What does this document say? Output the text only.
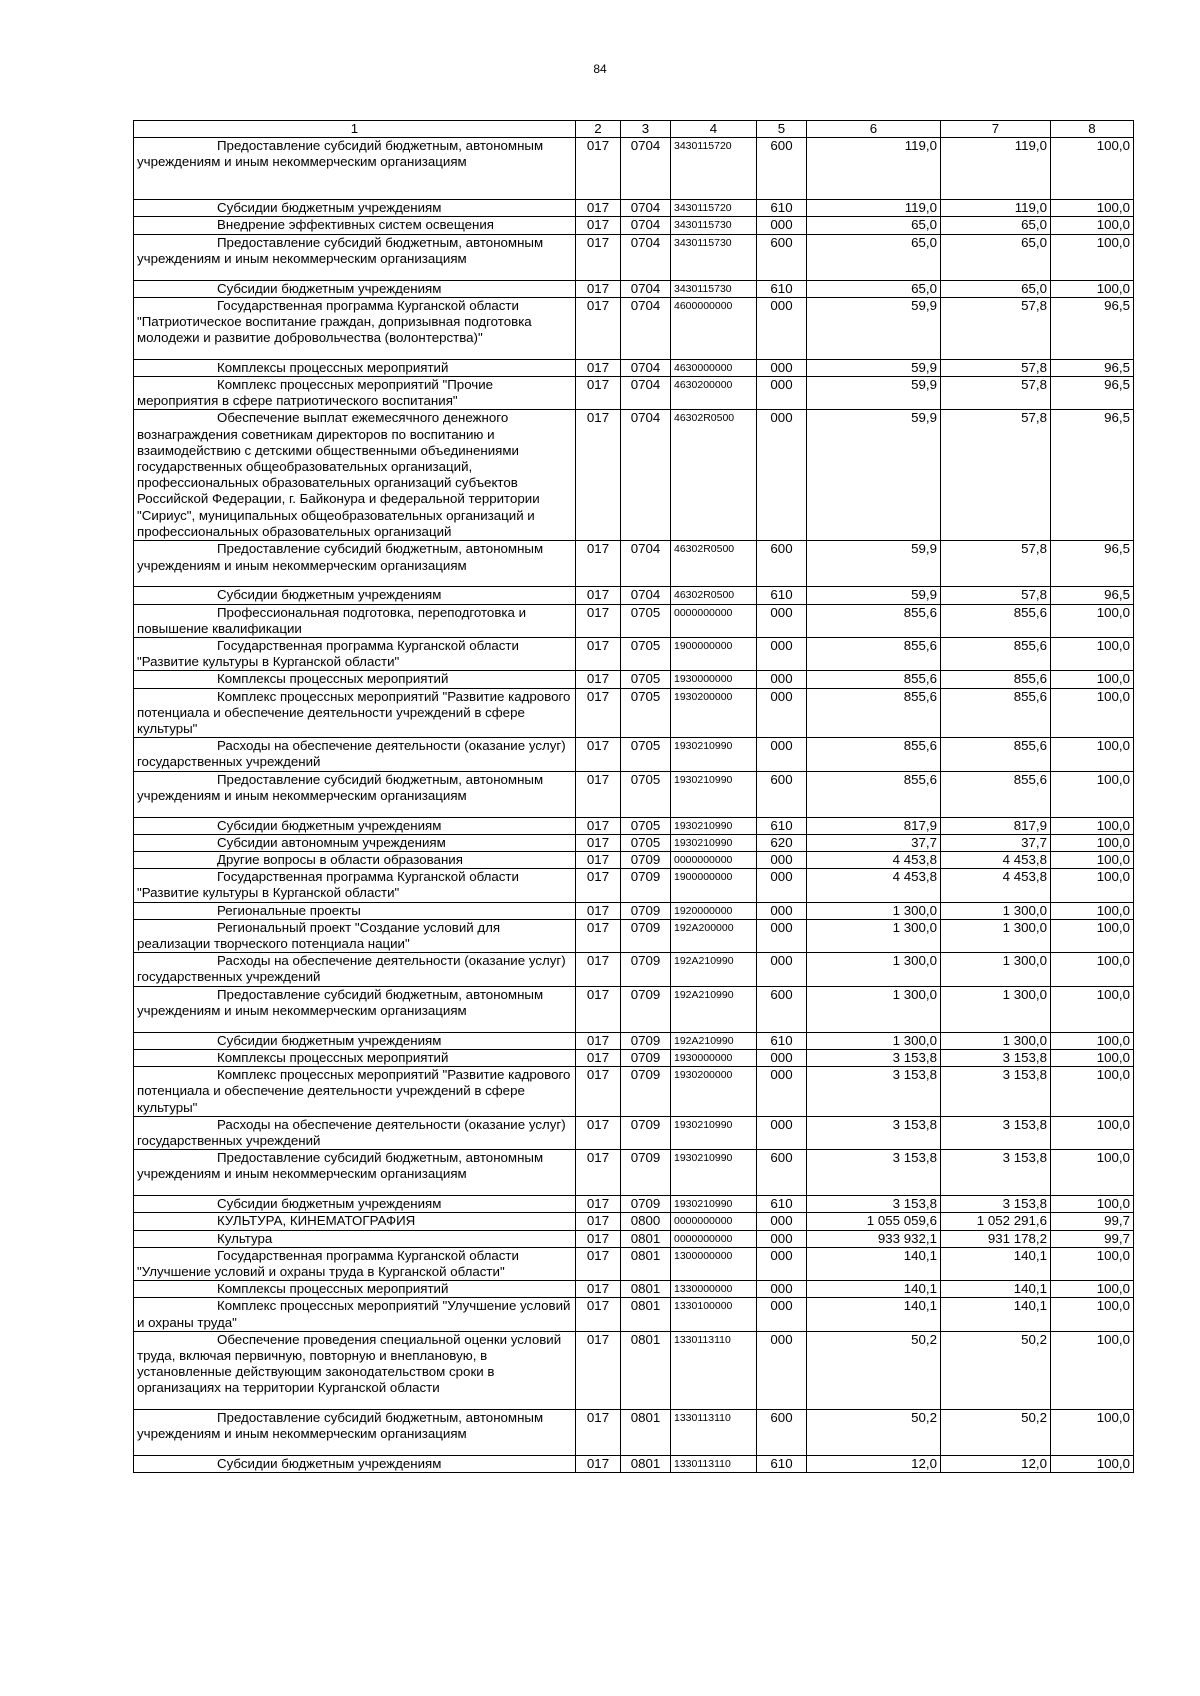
84
1	2	3	4	5	6	7	8
Предоставление субсидий бюджетным, автономным учреждениям и иным некоммерческим организациям	017	0704	3430115720	600	119,0	119,0	100,0
Субсидии бюджетным учреждениям	017	0704	3430115720	610	119,0	119,0	100,0
Внедрение эффективных систем освещения	017	0704	3430115730	000	65,0	65,0	100,0
Предоставление субсидий бюджетным, автономным учреждениям и иным некоммерческим организациям	017	0704	3430115730	600	65,0	65,0	100,0
Субсидии бюджетным учреждениям	017	0704	3430115730	610	65,0	65,0	100,0
Государственная программа Курганской области "Патриотическое воспитание граждан, допризывная подготовка молодежи и развитие добровольчества (волонтерства)"	017	0704	4600000000	000	59,9	57,8	96,5
Комплексы процессных мероприятий	017	0704	4630000000	000	59,9	57,8	96,5
Комплекс процессных мероприятий "Прочие мероприятия в сфере патриотического воспитания"	017	0704	4630200000	000	59,9	57,8	96,5
Обеспечение выплат ежемесячного денежного вознаграждения советникам директоров по воспитанию и взаимодействию с детскими общественными объединениями государственных общеобразовательных организаций, профессиональных образовательных организаций субъектов Российской Федерации, г. Байконура и федеральной территории "Сириус", муниципальных общеобразовательных организаций и профессиональных образовательных организаций	017	0704	46302R0500	000	59,9	57,8	96,5
Предоставление субсидий бюджетным, автономным учреждениям и иным некоммерческим организациям	017	0704	46302R0500	600	59,9	57,8	96,5
Субсидии бюджетным учреждениям	017	0704	46302R0500	610	59,9	57,8	96,5
Профессиональная подготовка, переподготовка и повышение квалификации	017	0705	0000000000	000	855,6	855,6	100,0
Государственная программа Курганской области "Развитие культуры в Курганской области"	017	0705	1900000000	000	855,6	855,6	100,0
Комплексы процессных мероприятий	017	0705	1930000000	000	855,6	855,6	100,0
Комплекс процессных мероприятий "Развитие кадрового потенциала и обеспечение деятельности учреждений в сфере культуры"	017	0705	1930200000	000	855,6	855,6	100,0
Расходы на обеспечение деятельности (оказание услуг) государственных учреждений	017	0705	1930210990	000	855,6	855,6	100,0
Предоставление субсидий бюджетным, автономным учреждениям и иным некоммерческим организациям	017	0705	1930210990	600	855,6	855,6	100,0
Субсидии бюджетным учреждениям	017	0705	1930210990	610	817,9	817,9	100,0
Субсидии автономным учреждениям	017	0705	1930210990	620	37,7	37,7	100,0
Другие вопросы в области образования	017	0709	0000000000	000	4 453,8	4 453,8	100,0
Государственная программа Курганской области "Развитие культуры в Курганской области"	017	0709	1900000000	000	4 453,8	4 453,8	100,0
Региональные проекты	017	0709	1920000000	000	1 300,0	1 300,0	100,0
Региональный проект "Создание условий для реализации творческого потенциала нации"	017	0709	192A200000	000	1 300,0	1 300,0	100,0
Расходы на обеспечение деятельности (оказание услуг) государственных учреждений	017	0709	192A210990	000	1 300,0	1 300,0	100,0
Предоставление субсидий бюджетным, автономным учреждениям и иным некоммерческим организациям	017	0709	192A210990	600	1 300,0	1 300,0	100,0
Субсидии бюджетным учреждениям	017	0709	192A210990	610	1 300,0	1 300,0	100,0
Комплексы процессных мероприятий	017	0709	1930000000	000	3 153,8	3 153,8	100,0
Комплекс процессных мероприятий "Развитие кадрового потенциала и обеспечение деятельности учреждений в сфере культуры"	017	0709	1930200000	000	3 153,8	3 153,8	100,0
Расходы на обеспечение деятельности (оказание услуг) государственных учреждений	017	0709	1930210990	000	3 153,8	3 153,8	100,0
Предоставление субсидий бюджетным, автономным учреждениям и иным некоммерческим организациям	017	0709	1930210990	600	3 153,8	3 153,8	100,0
Субсидии бюджетным учреждениям	017	0709	1930210990	610	3 153,8	3 153,8	100,0
КУЛЬТУРА, КИНЕМАТОГРАФИЯ	017	0800	0000000000	000	1 055 059,6	1 052 291,6	99,7
Культура	017	0801	0000000000	000	933 932,1	931 178,2	99,7
Государственная программа Курганской области "Улучшение условий и охраны труда в Курганской области"	017	0801	1300000000	000	140,1	140,1	100,0
Комплексы процессных мероприятий	017	0801	1330000000	000	140,1	140,1	100,0
Комплекс процессных мероприятий "Улучшение условий и охраны труда"	017	0801	1330100000	000	140,1	140,1	100,0
Обеспечение проведения специальной оценки условий труда, включая первичную, повторную и внеплановую, в установленные действующим законодательством сроки в организациях на территории Курганской области	017	0801	1330113110	000	50,2	50,2	100,0
Предоставление субсидий бюджетным, автономным учреждениям и иным некоммерческим организациям	017	0801	1330113110	600	50,2	50,2	100,0
Субсидии бюджетным учреждениям	017	0801	1330113110	610	12,0	12,0	100,0
